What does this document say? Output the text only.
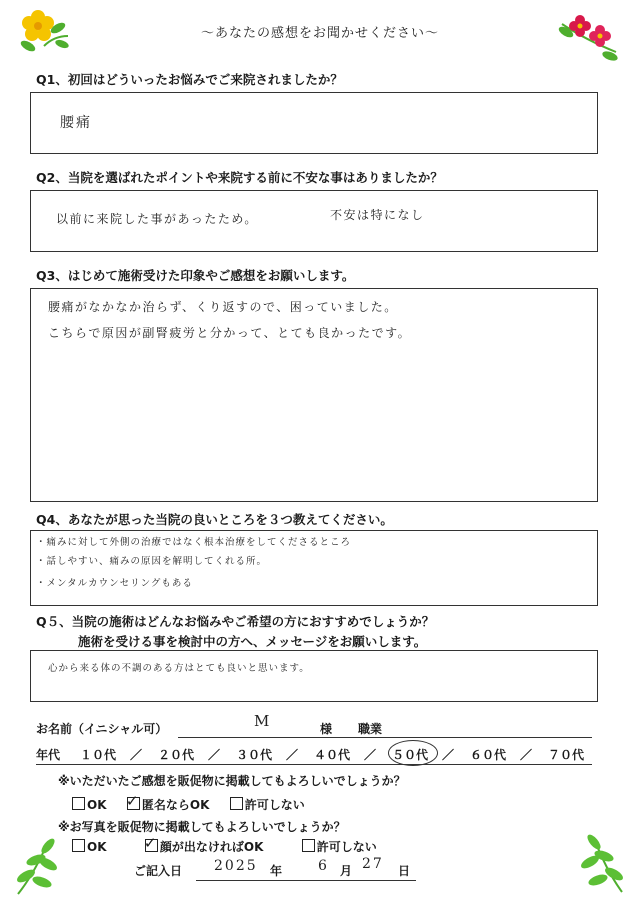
〜あなたの感想をお聞かせください〜
Q1、初回はどういったお悩みでご来院されましたか？
腰痛
Q2、当院を選ばれたポイントや来院する前に不安な事はありましたか？
以前に来院した事があったため。	不安は特になし
Q3、はじめて施術受けた印象やご感想をお願いします。
腰痛がなかなか治らず、くり返すので、困っていました。
こちらで原因が副腎疲労と分かって、とても良かったです。
Q4、あなたが思った当院の良いところを３つ教えてください。
・痛みに対して外側の治療ではなく根本治療をしてくださるところ
・話しやすい、痛みの原因を解明してくれる所。
・メンタルカウンセリングもある
Q５、当院の施術はどんなお悩みやご希望の方におすすめでしょうか？
施術を受ける事を検討中の方へ、メッセージをお願いします。
心から来る体の不調のある方はとても良いと思います。
お名前（イニシャル可）	M	様 職業
年代 １０代	／	２０代	／	３０代	／	４０代	／	５０代	／	６０代	／	７０代
※いただいたご感想を販促物に掲載してもよろしいでしょうか？
OK ✓ 匿名ならOK	許可しない
※お写真を販促物に掲載してもよろしいでしょうか？
OK ✓ 顔が出なければOK	許可しない
ご記入日 2025 年	6 月 27 日
